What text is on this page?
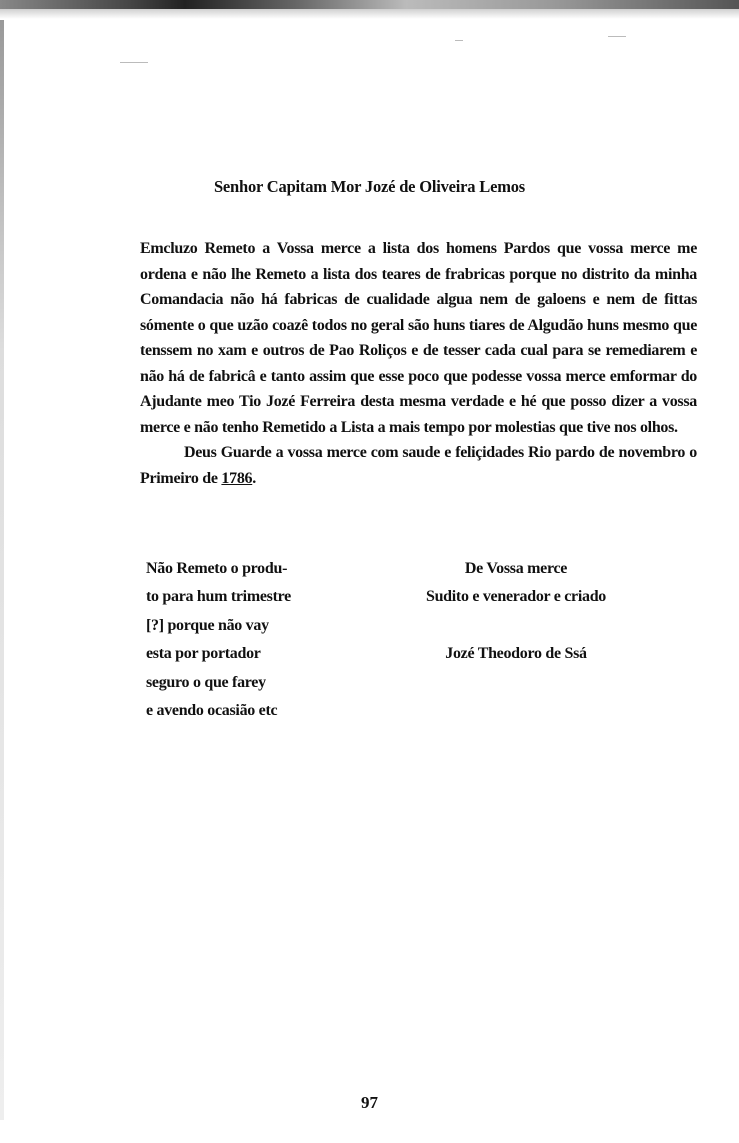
Senhor Capitam Mor Jozé de Oliveira Lemos

Emcluzo Remeto a Vossa merce a lista dos homens Pardos que vossa merce me ordena e não lhe Remeto a lista dos teares de frabricas porque no distrito da minha Comandacia não há fabricas de cualidade algua nem de galoens e nem de fittas sómente o que uzão coazê todos no geral são huns tiares de Algudão huns mesmo que tenssem no xam e outros de Pao Roliços e de tesser cada cual para se remediarem e não há de fabricâ e tanto assim que esse poco que podesse vossa merce emformar do Ajudante meo Tio Jozé Ferreira desta mesma verdade e hé que posso dizer a vossa merce e não tenho Remetido a Lista a mais tempo por molestias que tive nos olhos.

Deus Guarde a vossa merce com saude e feliçidades Rio pardo de novembro o Primeiro de 1786.

Não Remeto o produ-
to para hum trimestre
[?] porque não vay
esta por portador
seguro o que farey
e avendo ocasião etc
De Vossa merce
Sudito e venerador e criado
Jozé Theodoro de Ssá
97
